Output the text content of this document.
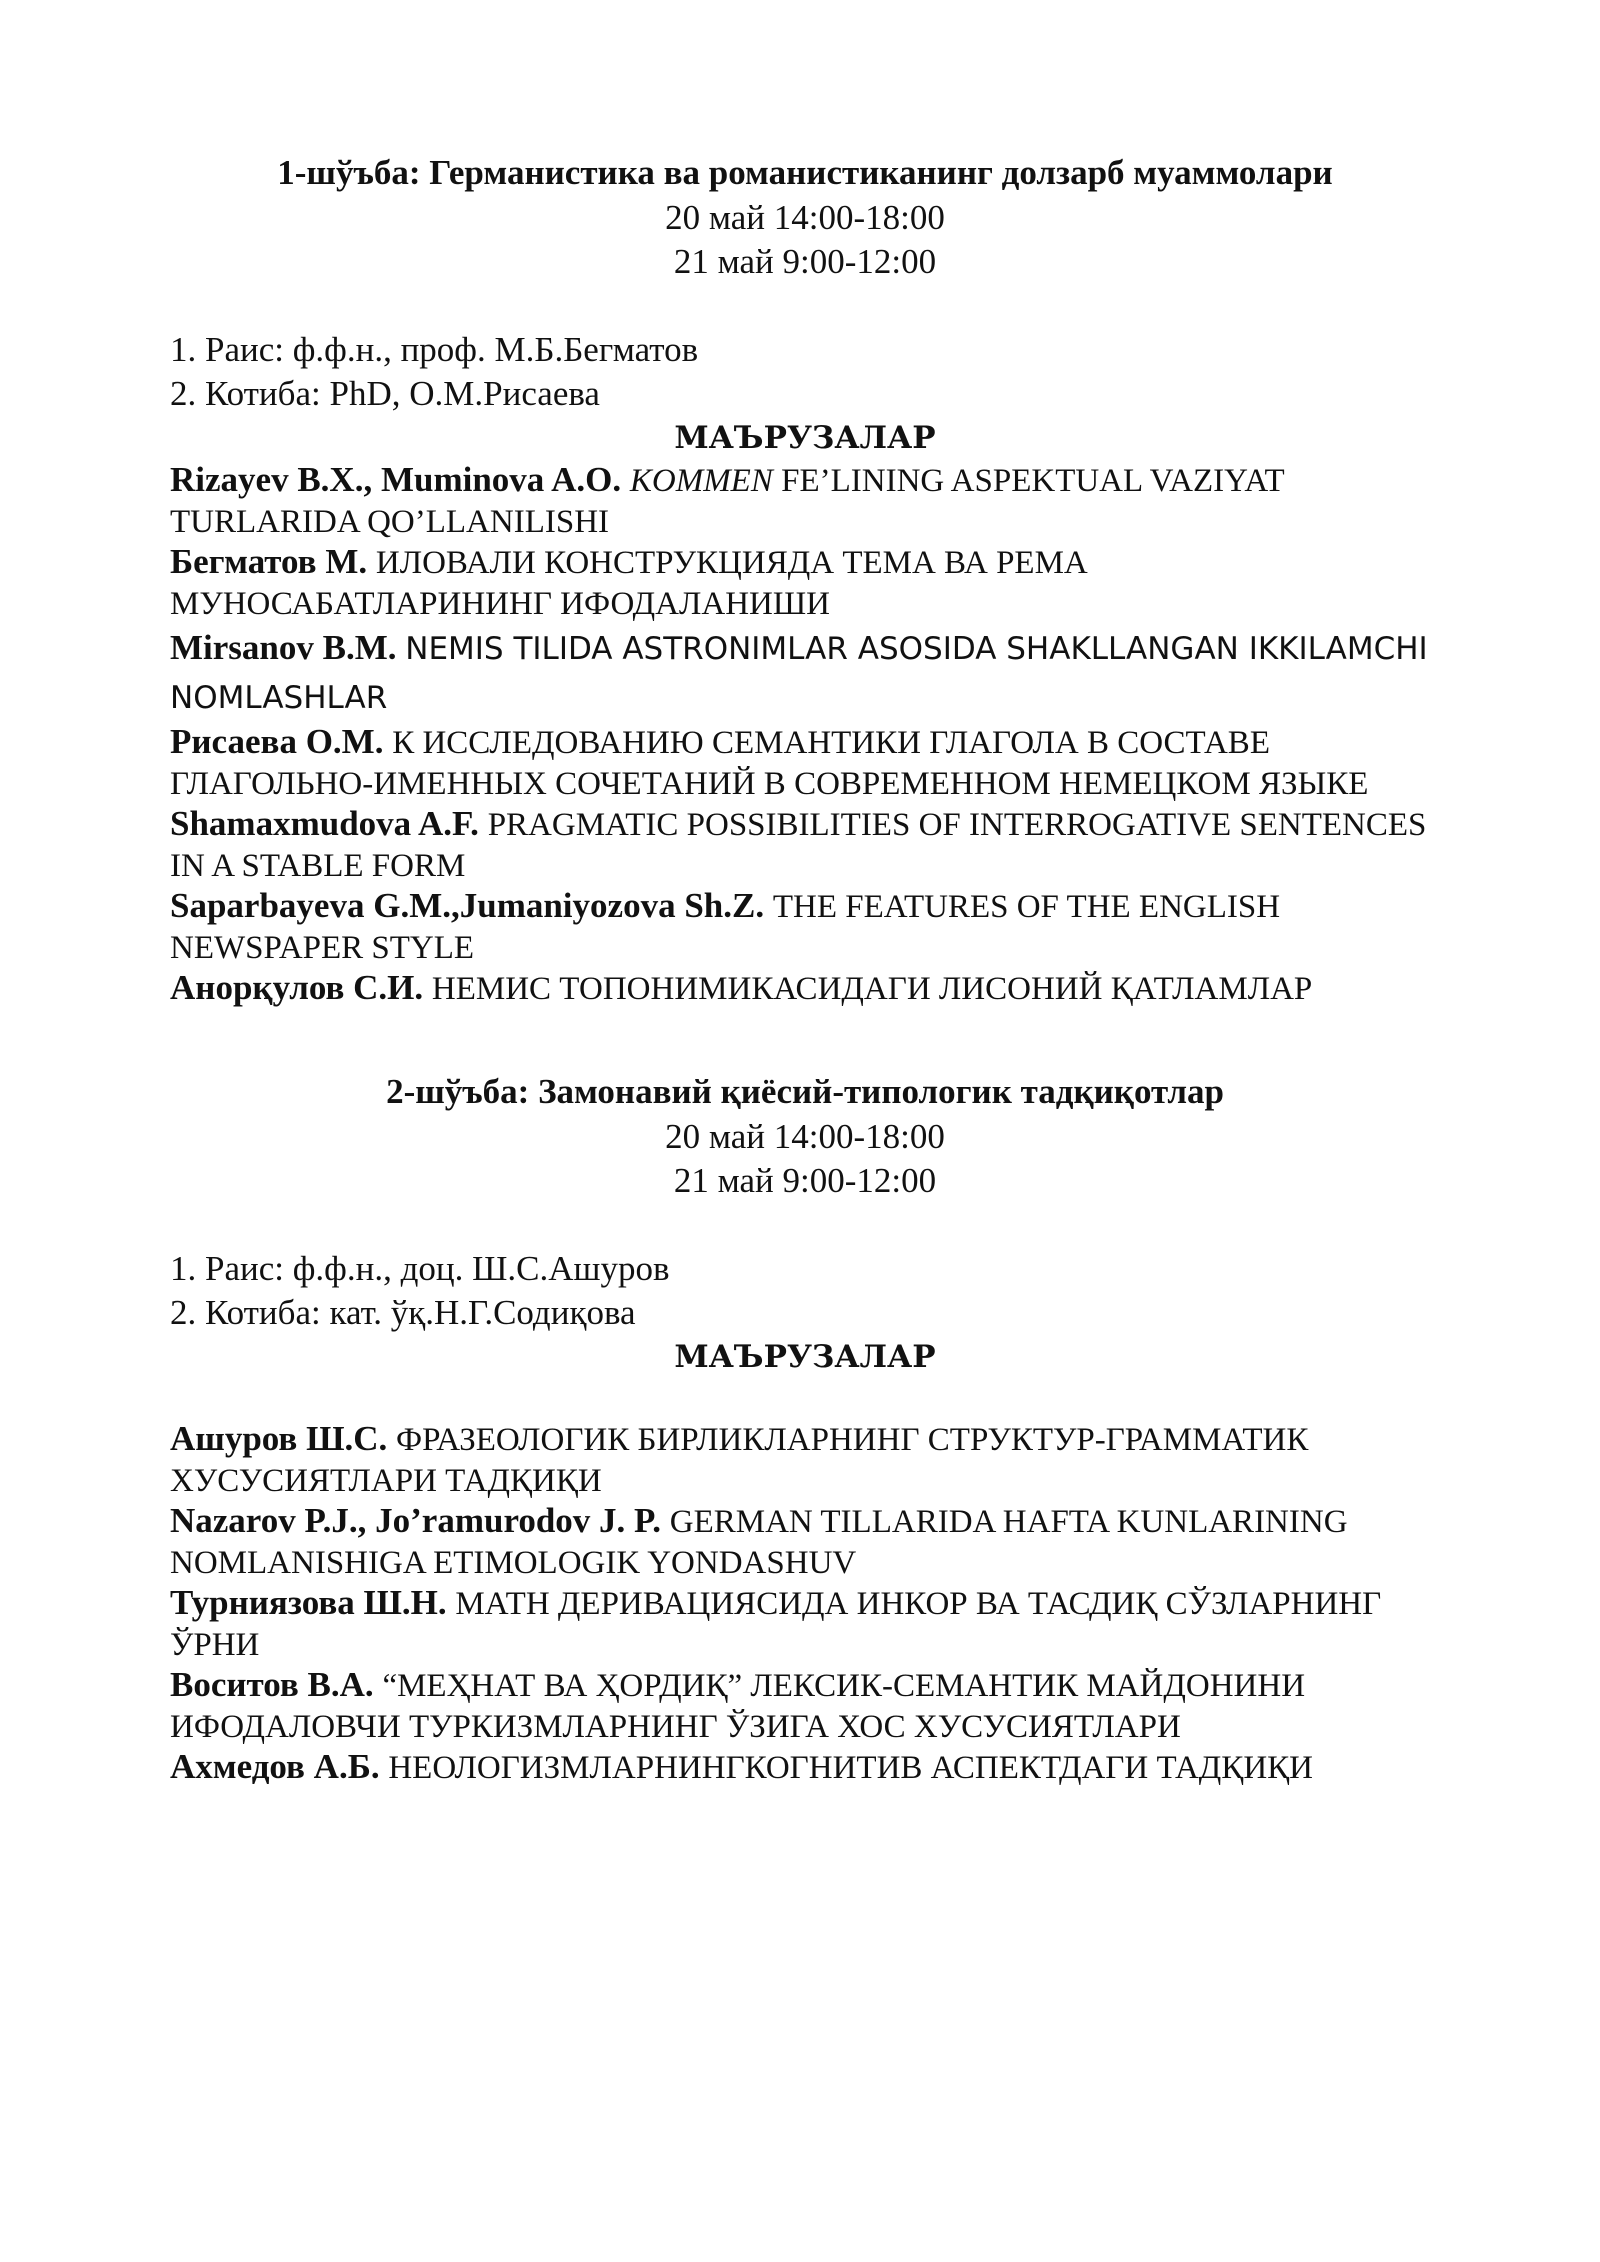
1-шўъба: Германистика ва романистиканинг долзарб муаммолари
20 май 14:00-18:00
21 май 9:00-12:00
1. Раис: ф.ф.н., проф. М.Б.Бегматов
2. Котиба: PhD, О.М.Рисаева
МАЪРУЗАЛАР
Rizayev B.X., Muminova A.O. KOMMEN FE’LINING ASPEKTUAL VAZIYAT TURLARIDA QO’LLANILISHI
Бегматов М. ИЛОВАЛИ КОНСТРУКЦИЯДА ТЕМА ВА РЕМА МУНОСАБАТЛАРИНИНГ ИФОДАЛАНИШИ
Mirsanov B.M. NEMIS TILIDA ASTRONIMLAR ASOSIDA SHAKLLANGAN IKKILAMCHI NOMLASHLAR
Рисаева О.М. К ИССЛЕДОВАНИЮ СЕМАНТИКИ ГЛАГОЛА В СОСТАВЕ ГЛАГОЛЬНО-ИМЕННЫХ СОЧЕТАНИЙ В СОВРЕМЕННОМ НЕМЕЦКОМ ЯЗЫКЕ
Shamaxmudova A.F. PRAGMATIC POSSIBILITIES OF INTERROGATIVE SENTENCES IN A STABLE FORM
Saparbayeva G.M.,Jumaniyozova Sh.Z. THE FEATURES OF THE ENGLISH NEWSPAPER STYLE
Анорқулов С.И. НЕМИС ТОПОНИМИКАСИДАГИ ЛИСОНИЙ ҚАТЛАМЛАР
2-шўъба: Замонавий қиёсий-типологик тадқиқотлар
20 май 14:00-18:00
21 май 9:00-12:00
1. Раис: ф.ф.н., доц. Ш.С.Ашуров
2. Котиба: кат. ўқ.Н.Г.Содиқова
МАЪРУЗАЛАР
Ашуров Ш.С. ФРАЗЕОЛОГИК БИРЛИКЛАРНИНГ СТРУКТУР-ГРАММАТИК ХУСУСИЯТЛАРИ ТАДҚИҚИ
Nazarov P.J., Jo’ramurodov J. P. GERMAN TILLARIDA HAFTA KUNLARINING NOMLANISHIGA ETIMOLOGIK YONDASHUV
Турниязова Ш.Н. МАТН ДЕРИВАЦИЯСИДА ИНКОР ВА ТАСДИҚ СЎЗЛАРНИНГ ЎРНИ
Воситов В.А. “МЕҲНАТ ВА ҲОРДИҚ” ЛЕКСИК-СЕМАНТИК МАЙДОНИНИ ИФОДАЛОВЧИ ТУРКИЗМЛАРНИНГ ЎЗИГА ХОС ХУСУСИЯТЛАРИ
Ахмедов А.Б. НЕОЛОГИЗМЛАРНИНГКОГНИТИВ АСПЕКТДАГИ ТАДҚИҚИ
